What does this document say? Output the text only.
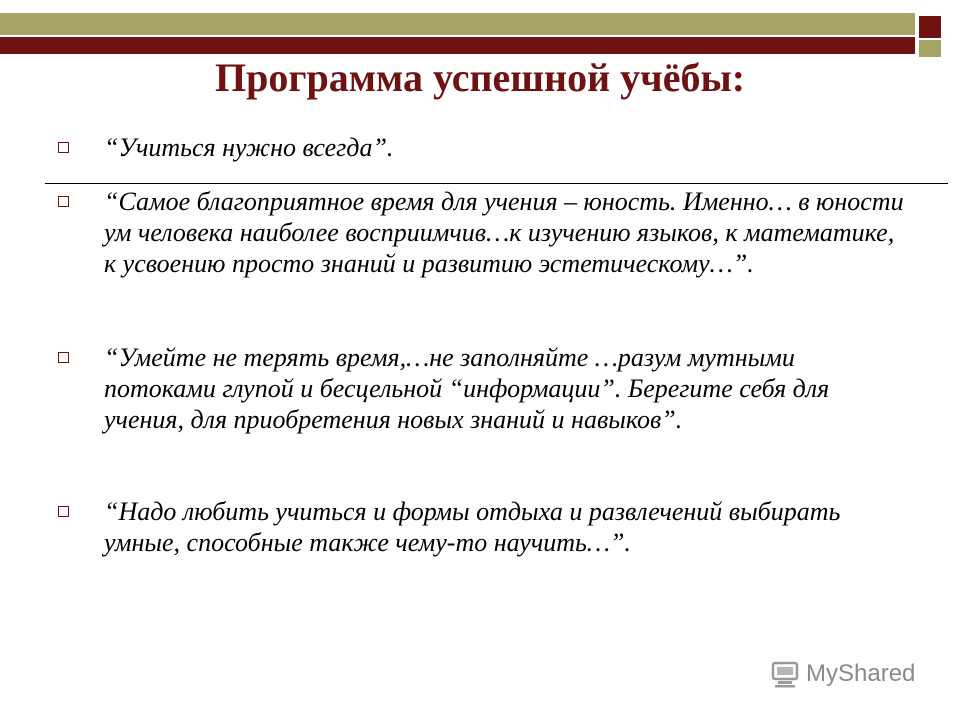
Программа успешной учёбы:
“Учиться нужно всегда”.
“Самое благоприятное время для учения – юность. Именно… в юности ум человека наиболее восприимчив…к изучению языков, к математике, к усвоению просто знаний и развитию эстетическому…”.
“Умейте не терять время,…не заполняйте …разум мутными потоками глупой и бесцельной “информации”. Берегите себя для учения, для приобретения новых знаний и навыков”.
“Надо любить учиться и формы отдыха и развлечений выбирать умные, способные также чему-то научить…”.
MyShared
